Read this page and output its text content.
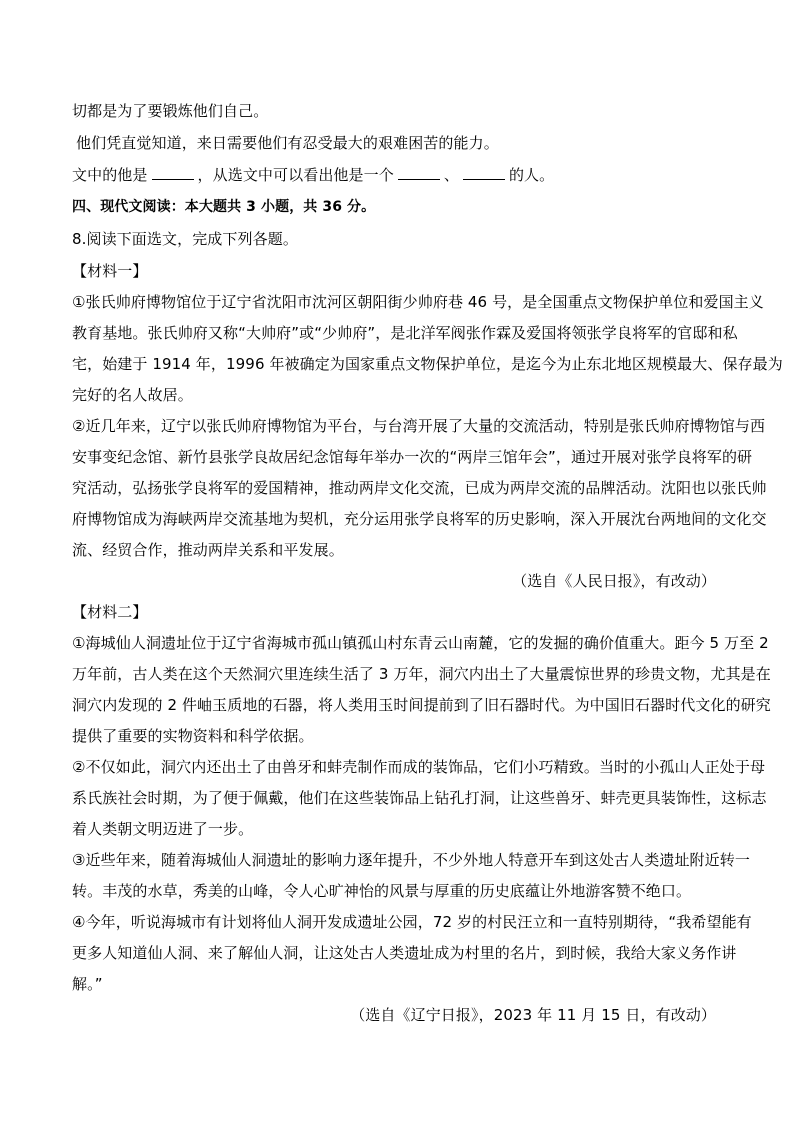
切都是为了要锻炼他们自己。
他们凭直觉知道，来日需要他们有忍受最大的艰难困苦的能力。
文中的他是	，从选文中可以看出他是一个	、	的人。
四、现代文阅读：本大题共 3 小题，共 36 分。
8.阅读下面选文，完成下列各题。
【材料一】
①张氏帅府博物馆位于辽宁省沈阳市沈河区朝阳街少帅府巷 46 号，是全国重点文物保护单位和爱国主义
教育基地。张氏帅府又称“大帅府”或“少帅府”，是北洋军阀张作霖及爱国将领张学良将军的官邸和私
宅，始建于 1914 年，1996 年被确定为国家重点文物保护单位，是迄今为止东北地区规模最大、保存最为
完好的名人故居。
②近几年来，辽宁以张氏帅府博物馆为平台，与台湾开展了大量的交流活动，特别是张氏帅府博物馆与西
安事变纪念馆、新竹县张学良故居纪念馆每年举办一次的“两岸三馆年会”，通过开展对张学良将军的研
究活动，弘扬张学良将军的爱国精神，推动两岸文化交流，已成为两岸交流的品牌活动。沈阳也以张氏帅
府博物馆成为海峡两岸交流基地为契机，充分运用张学良将军的历史影响，深入开展沈台两地间的文化交
流、经贸合作，推动两岸关系和平发展。
（选自《人民日报》，有改动）
【材料二】
①海城仙人洞遗址位于辽宁省海城市孤山镇孤山村东青云山南麓，它的发掘的确价值重大。距今 5 万至 2
万年前，古人类在这个天然洞穴里连续生活了 3 万年，洞穴内出土了大量震惊世界的珍贵文物，尤其是在
洞穴内发现的 2 件岫玉质地的石器，将人类用玉时间提前到了旧石器时代。为中国旧石器时代文化的研究
提供了重要的实物资料和科学依据。
②不仅如此，洞穴内还出土了由兽牙和蚌壳制作而成的装饰品，它们小巧精致。当时的小孤山人正处于母
系氏族社会时期，为了便于佩戴，他们在这些装饰品上钻孔打洞，让这些兽牙、蚌壳更具装饰性，这标志
着人类朝文明迈进了一步。
③近些年来，随着海城仙人洞遗址的影响力逐年提升，不少外地人特意开车到这处古人类遗址附近转一
转。丰茂的水草，秀美的山峰，令人心旷神怡的风景与厚重的历史底蕴让外地游客赞不绝口。
④今年，听说海城市有计划将仙人洞开发成遗址公园，72 岁的村民汪立和一直特别期待，“我希望能有
更多人知道仙人洞、来了解仙人洞，让这处古人类遗址成为村里的名片，到时候，我给大家义务作讲
解。”
（选自《辽宁日报》，2023 年 11 月 15 日，有改动）
